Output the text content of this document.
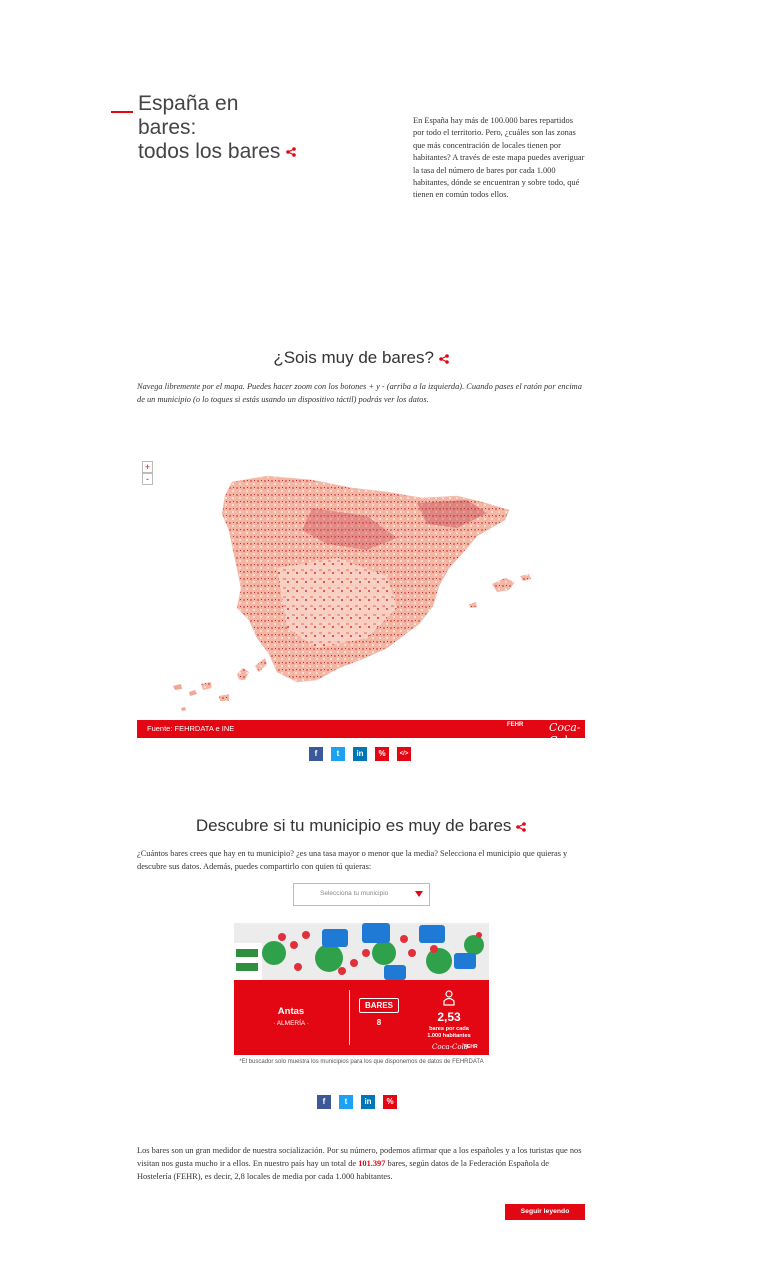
España en
bares:
todos los bares
En España hay más de 100.000 bares repartidos por todo el territorio. Pero, ¿cuáles son las zonas que más concentración de locales tienen por habitantes? A través de este mapa puedes averiguar la tasa del número de bares por cada 1.000 habitantes, dónde se encuentran y sobre todo, qué tienen en común todos ellos.
¿Sois muy de bares?
Navega libremente por el mapa. Puedes hacer zoom con los botones + y - (arriba a la izquierda). Cuando pases el ratón por encima de un municipio (o lo toques si estás usando un dispositivo táctil) podrás ver los datos.
+
-
Fuente: FEHRDATA e INE	FEHR Coca-Cola
f	t	in	%	</>
Descubre si tu municipio es muy de bares
¿Cuántos bares crees que hay en tu municipio? ¿es una tasa mayor o menor que la media? Selecciona el municipio que quieras y descubre sus datos. Además, puedes compartirlo con quien tú quieras:
Selecciona tu municipio
Antas
· ALMERÍA ·
BARES
8	2,53
bares por cada
1.000 habitantes
Coca-Cola
FEHR
*El buscador solo muestra los municipios para los que disponemos de datos de FEHRDATA
f	t	in	%
Los bares son un gran medidor de nuestra socialización. Por su número, podemos afirmar que a los españoles y a los turistas que nos visitan nos gusta mucho ir a ellos. En nuestro país hay un total de 101.397 bares, según datos de la Federación Española de Hostelería (FEHR), es decir, 2,8 locales de media por cada 1.000 habitantes.
Seguir leyendo
